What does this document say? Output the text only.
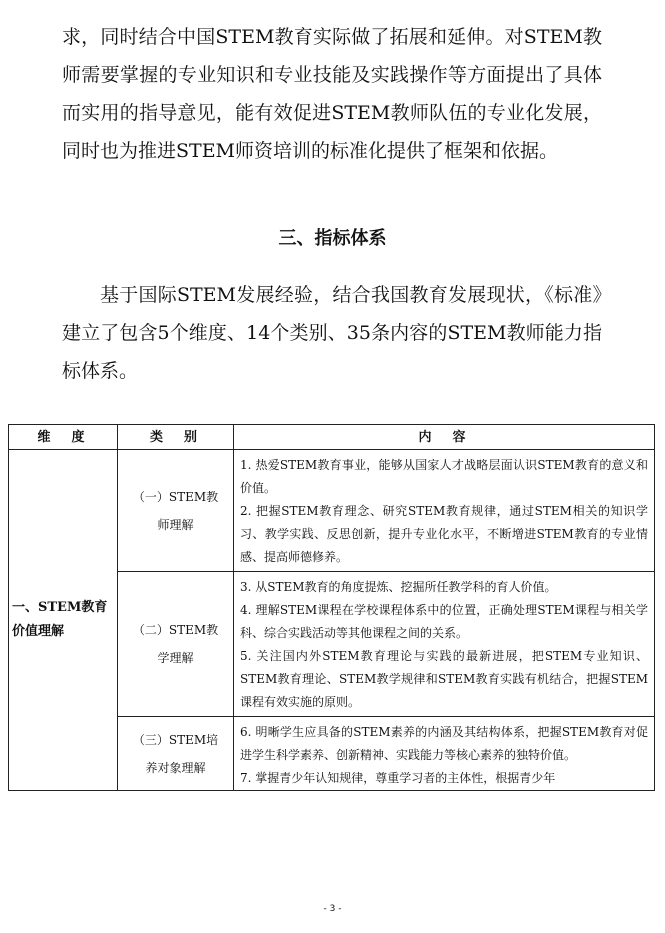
求，同时结合中国STEM教育实际做了拓展和延伸。对STEM教师需要掌握的专业知识和专业技能及实践操作等方面提出了具体而实用的指导意见，能有效促进STEM教师队伍的专业化发展，同时也为推进STEM师资培训的标准化提供了框架和依据。
三、指标体系
基于国际STEM发展经验，结合我国教育发展现状，《标准》建立了包含5个维度、14个类别、35条内容的STEM教师能力指标体系。
维　度	类　别	内　容
一、STEM教育价值理解	（一）STEM教师理解	1. 热爱STEM教育事业，能够从国家人才战略层面认识STEM教育的意义和价值。
2. 把握STEM教育理念、研究STEM教育规律，通过STEM相关的知识学习、教学实践、反思创新，提升专业化水平，不断增进STEM教育的专业情感、提高师德修养。

	（二）STEM教学理解	3. 从STEM教育的角度提炼、挖掘所任教学科的育人价值。
4. 理解STEM课程在学校课程体系中的位置，正确处理STEM课程与相关学科、综合实践活动等其他课程之间的关系。
5. 关注国内外STEM教育理论与实践的最新进展，把STEM专业知识、STEM教育理论、STEM教学规律和STEM教育实践有机结合，把握STEM课程有效实施的原则。

	（三）STEM培养对象理解	6. 明晰学生应具备的STEM素养的内涵及其结构体系，把握STEM教育对促进学生科学素养、创新精神、实践能力等核心素养的独特价值。
7. 掌握青少年认知规律，尊重学习者的主体性，根据青少年
- 3 -
